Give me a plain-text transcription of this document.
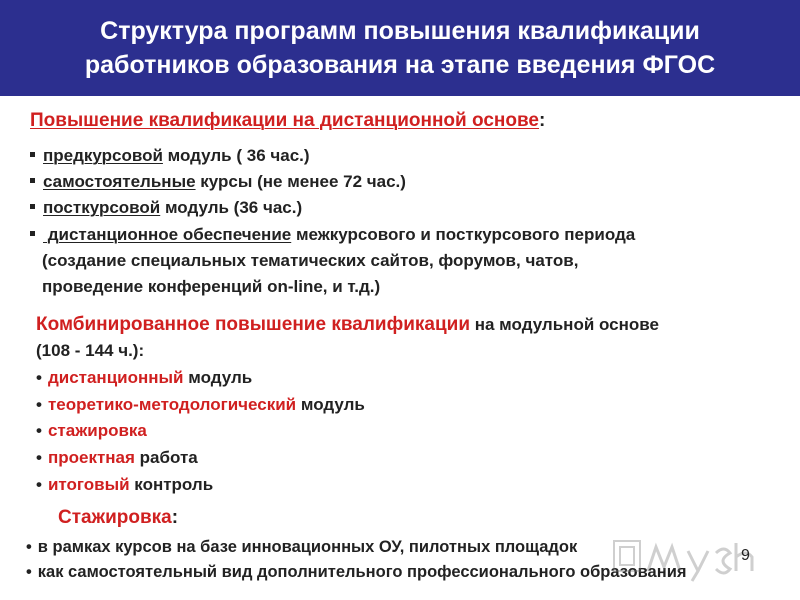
Структура программ повышения квалификации
работников образования на этапе введения ФГОС
Повышение квалификации на дистанционной основе:
предкурсовой модуль ( 36 час.)
самостоятельные курсы (не менее 72 час.)
посткурсовой модуль (36 час.)
дистанционное обеспечение межкурсового и посткурсового периода
(создание специальных тематических сайтов, форумов, чатов,
проведение конференций on-line, и т.д.)
Комбинированное повышение квалификации на модульной основе
(108 - 144 ч.):
• дистанционный модуль
• теоретико-методологический модуль
• стажировка
• проектная работа
• итоговый контроль
Стажировка:
• в рамках курсов на базе инновационных ОУ, пилотных площадок
• как самостоятельный вид дополнительного профессионального образования
9
